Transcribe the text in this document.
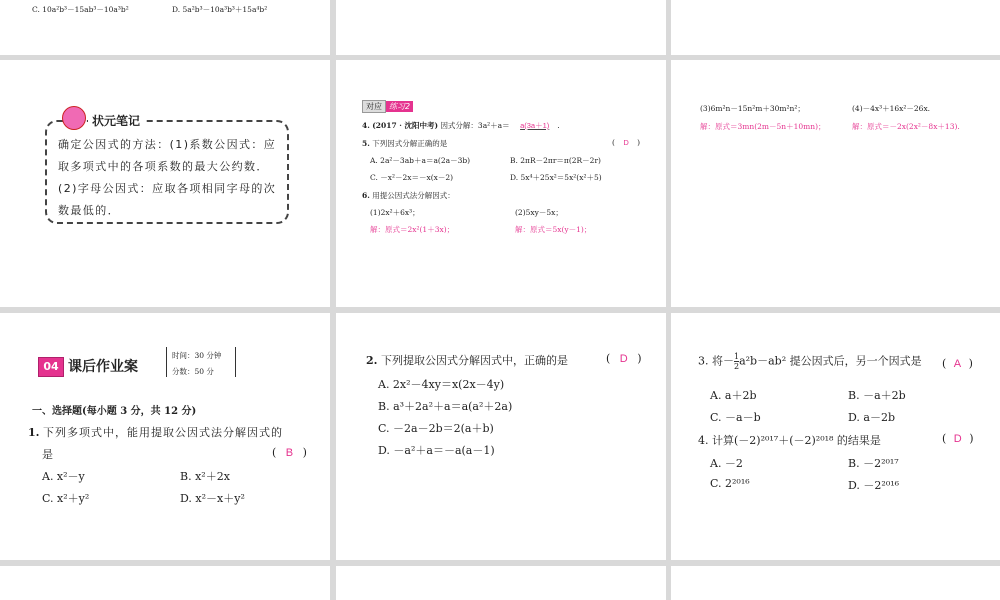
C. 10a²b³－15ab³－10a³b²	D. 5a²b³－10a³b³＋15a⁴b²
状元笔记
确定公因式的方法：(1)系数公因式：应取多项式中的各项系数的最大公约数．(2)字母公因式：应取各项相同字母的次数最低的．
对应 练习2
4. (2017 · 沈阳中考) 因式分解：3a²＋a＝ a(3a＋1) .
5. 下列因式分解正确的是	( D )
A. 2a²－3ab＋a＝a(2a－3b)	B. 2πR－2πr＝π(2R－2r)
C. －x²－2x＝－x(x－2)	D. 5x⁴＋25x²＝5x²(x²＋5)
6. 用提公因式法分解因式：
(1)2x²＋6x³；	(2)5xy－5x；
解：原式＝2x²(1＋3x)；	解：原式＝5x(y－1)；
(3)6m²n－15n²m＋30m²n²；	(4)－4x³＋16x²－26x.
解：原式＝3mn(2m－5n＋10mn)；	解：原式＝－2x(2x²－8x＋13).
04 课后作业案
时间：30 分钟
分数：50 分
一、选择题(每小题 3 分，共 12 分)
1. 下列多项式中，能用提取公因式法分解因式的
是	( B )
A. x²－y	B. x²＋2x
C. x²＋y²	D. x²－x＋y²
2. 下列提取公因式分解因式中，正确的是	( D )
A. 2x²－4xy＝x(2x－4y)
B. a³＋2a²＋a＝a(a²＋2a)
C. －2a－2b＝2(a＋b)
D. －a²＋a＝－a(a－1)
3. 将－ $\frac{1}{2} a^2b-ab^2$ 提公因式后，另一个因式是 ( A )
A. a＋2b	B. －a＋2b
C. －a－b	D. a－2b
4. 计算(－2)²⁰¹⁷＋(－2)²⁰¹⁸ 的结果是	( D )
A. －2	B. －2²⁰¹⁷
C. 2²⁰¹⁶	D. －2²⁰¹⁶
